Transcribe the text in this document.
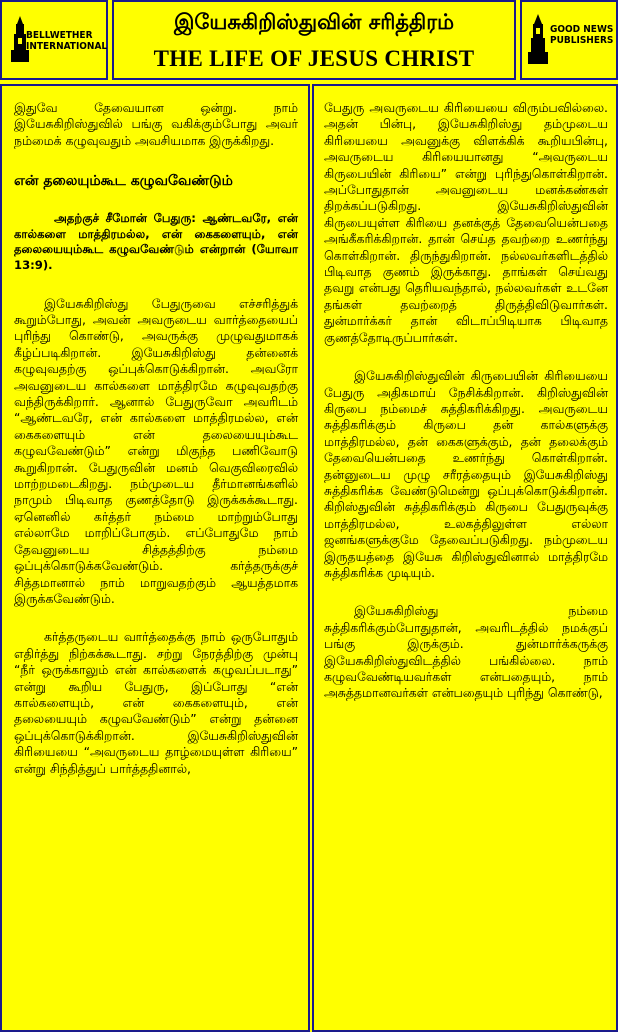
BELLWETHER INTERNATIONAL
இயேசுகிறிஸ்துவின் சரித்திரம்
THE LIFE OF JESUS CHRIST
GOOD NEWS PUBLISHERS

இதுவே தேவையான ஒன்று. நாம் இயேசுகிறிஸ்துவில் பங்கு வகிக்கும்போது அவர் நம்மைக் கழுவுவதும் அவசியமாக இருக்கிறது.

என் தலையும்கூட கழுவவேண்டும்

அதற்குச் சீமோன் பேதுரு: ஆண்டவரே, என் கால்களை மாத்திரமல்ல, என் கைகளையும், என் தலையையும்கூட கழுவவேண்டும் என்றான் (யோவா 13:9).

இயேசுகிறிஸ்து பேதுருவை எச்சரித்துக் கூறும்போது, அவன் அவருடைய வார்த்தையைப் புரிந்து கொண்டு, அவருக்கு முழுவதுமாகக் கீழ்ப்படிகிறான். இயேசுகிறிஸ்து தன்னைக் கழுவுவதற்கு ஒப்புக்கொடுக்கிறான். அவரோ அவனுடைய கால்களை மாத்திரமே கழுவுவதற்கு வந்திருக்கிறார். ஆனால் பேதுருவோ அவரிடம் “ஆண்டவரே, என் கால்களை மாத்திரமல்ல, என் கைகளையும் என் தலையையும்கூட கழுவவேண்டும்” என்று மிகுந்த பணிவோடு கூறுகிறான். பேதுருவின் மனம் வெகுவிரைவில் மாற்றமடைகிறது. நம்முடைய தீர்மானங்களில் நாமும் பிடிவாத குணத்தோடு இருக்கக்கூடாது. ஏனெனில் கர்த்தர் நம்மை மாற்றும்போது எல்லாமே மாறிப்போகும். எப்போதுமே நாம் தேவனுடைய சித்தத்திற்கு நம்மை ஒப்புக்கொடுக்கவேண்டும். கர்த்தருக்குச் சித்தமானால் நாம் மாறுவதற்கும் ஆயத்தமாக இருக்கவேண்டும்.

கர்த்தருடைய வார்த்தைக்கு நாம் ஒருபோதும் எதிர்த்து நிற்கக்கூடாது. சற்று நேரத்திற்கு முன்பு “நீர் ஒருக்காலும் என் கால்களைக் கழுவப்படாது” என்று கூறிய பேதுரு, இப்போது “என் கால்களையும், என் கைகளையும், என் தலையையும் கழுவவேண்டும்” என்று தன்னை ஒப்புக்கொடுக்கிறான். இயேசுகிறிஸ்துவின் கிரியையை “அவருடைய தாழ்மையுள்ள கிரியை” என்று சிந்தித்துப் பார்த்ததினால்,

பேதுரு அவருடைய கிரியையை விரும்பவில்லை. அதன் பின்பு, இயேசுகிறிஸ்து தம்முடைய கிரியையை அவனுக்கு விளக்கிக் கூறியபின்பு, அவருடைய கிரியையானது “அவருடைய கிருபையின் கிரியை” என்று புரிந்துகொள்கிறான். அப்போதுதான் அவனுடைய மனக்கண்கள் திறக்கப்படுகிறது. இயேசுகிறிஸ்துவின் கிருபையுள்ள கிரியை தனக்குத் தேவையென்பதை அங்கீகரிக்கிறான். தான் செய்த தவற்றை உணர்ந்து கொள்கிறான். திருந்துகிறான். நல்லவர்களிடத்தில் பிடிவாத குணம் இருக்காது. தாங்கள் செய்வது தவறு என்பது தெரியவந்தால், நல்லவர்கள் உடனே தங்கள் தவற்றைத் திருத்திவிடுவார்கள். துன்மார்க்கர் தான் விடாப்பிடியாக பிடிவாத குணத்தோடிருப்பார்கள்.

இயேசுகிறிஸ்துவின் கிருபையின் கிரியையை பேதுரு அதிகமாய் நேசிக்கிறான். கிறிஸ்துவின் கிருபை நம்மைச் சுத்திகரிக்கிறது. அவருடைய சுத்திகரிக்கும் கிருபை தன் கால்களுக்கு மாத்திரமல்ல, தன் கைகளுக்கும், தன் தலைக்கும் தேவையென்பதை உணர்ந்து கொள்கிறான். தன்னுடைய முழு சரீரத்தையும் இயேசுகிறிஸ்து சுத்திகரிக்க வேண்டுமென்று ஒப்புக்கொடுக்கிறான். கிறிஸ்துவின் சுத்திகரிக்கும் கிருபை பேதுருவுக்கு மாத்திரமல்ல, உலகத்திலுள்ள எல்லா ஜனங்களுக்குமே தேவைப்படுகிறது. நம்முடைய இருதயத்தை இயேசு கிறிஸ்துவினால் மாத்திரமே சுத்திகரிக்க முடியும்.

இயேசுகிறிஸ்து நம்மை சுத்திகரிக்கும்போதுதான், அவரிடத்தில் நமக்குப் பங்கு இருக்கும். துன்மார்க்கருக்கு இயேசுகிறிஸ்துவிடத்தில் பங்கில்லை. நாம் கழுவவேண்டியவர்கள் என்பதையும், நாம் அசுத்தமானவர்கள் என்பதையும் புரிந்து கொண்டு,
